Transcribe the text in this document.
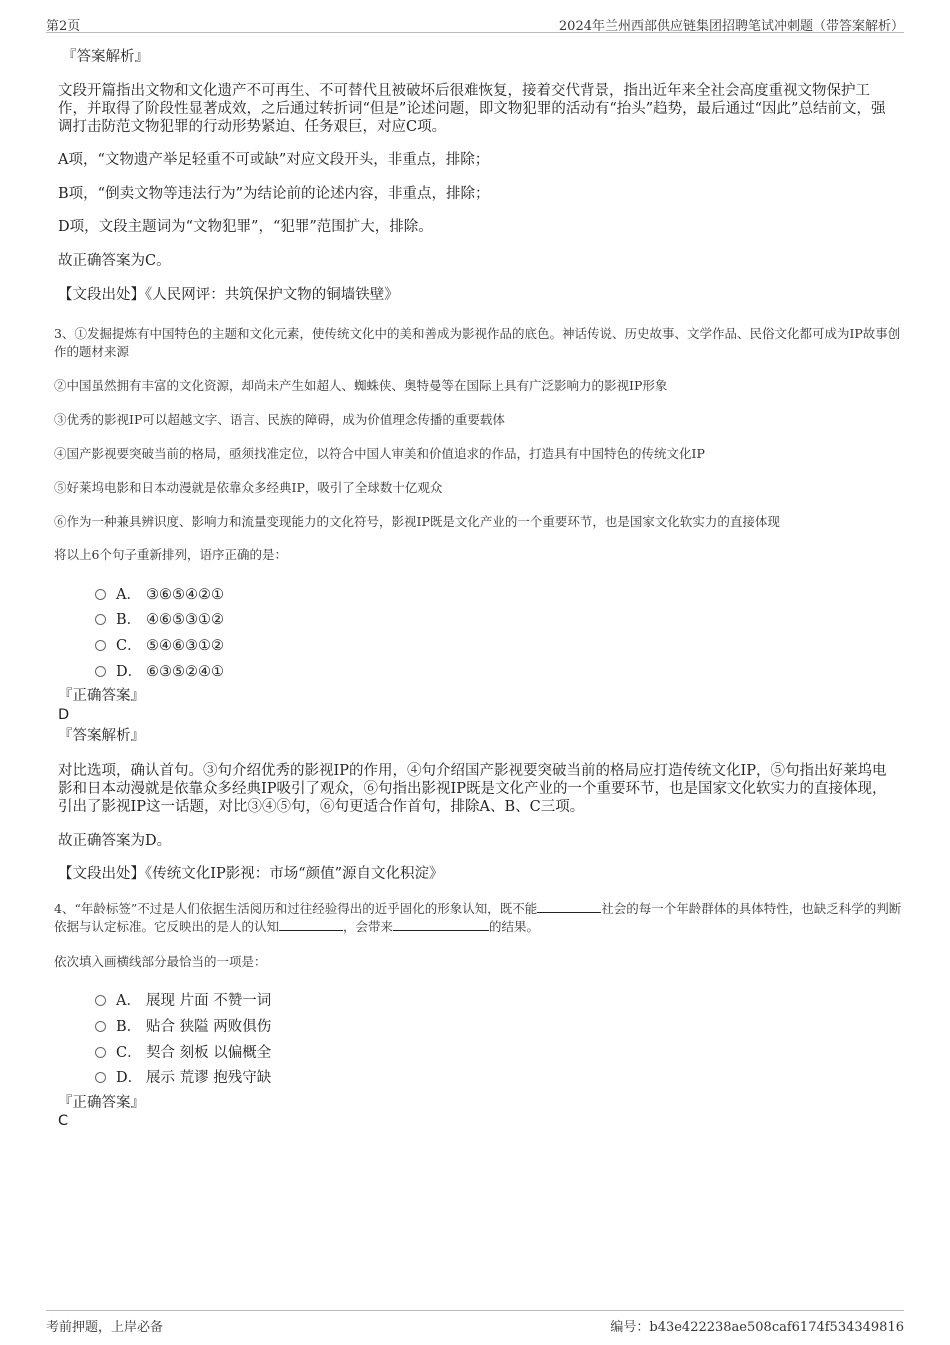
第2页	2024年兰州西部供应链集团招聘笔试冲刺题（带答案解析）
『答案解析』
文段开篇指出文物和文化遗产不可再生、不可替代且被破坏后很难恢复，接着交代背景，指出近年来全社会高度重视文物保护工作，并取得了阶段性显著成效，之后通过转折词“但是”论述问题，即文物犯罪的活动有“抬头”趋势，最后通过“因此”总结前文，强调打击防范文物犯罪的行动形势紧迫、任务艰巨，对应C项。
A项，“文物遗产举足轻重不可或缺”对应文段开头，非重点，排除；
B项，“倒卖文物等违法行为”为结论前的论述内容，非重点，排除；
D项，文段主题词为“文物犯罪”，“犯罪”范围扩大，排除。
故正确答案为C。
【文段出处】《人民网评：共筑保护文物的铜墙铁壁》
3、①发掘提炼有中国特色的主题和文化元素，使传统文化中的美和善成为影视作品的底色。神话传说、历史故事、文学作品、民俗文化都可成为IP故事创作的题材来源
②中国虽然拥有丰富的文化资源，却尚未产生如超人、蜘蛛侠、奥特曼等在国际上具有广泛影响力的影视IP形象
③优秀的影视IP可以超越文字、语言、民族的障碍，成为价值理念传播的重要载体
④国产影视要突破当前的格局，亟须找准定位，以符合中国人审美和价值追求的作品，打造具有中国特色的传统文化IP
⑤好莱坞电影和日本动漫就是依靠众多经典IP，吸引了全球数十亿观众
⑥作为一种兼具辨识度、影响力和流量变现能力的文化符号，影视IP既是文化产业的一个重要环节，也是国家文化软实力的直接体现
将以上6个句子重新排列，语序正确的是：
A． ③⑥⑤④②①
B． ④⑥⑤③①②
C． ⑤④⑥③①②
D． ⑥③⑤②④①
『正确答案』
D
『答案解析』
对比选项，确认首句。③句介绍优秀的影视IP的作用，④句介绍国产影视要突破当前的格局应打造传统文化IP，⑤句指出好莱坞电影和日本动漫就是依靠众多经典IP吸引了观众，⑥句指出影视IP既是文化产业的一个重要环节，也是国家文化软实力的直接体现，引出了影视IP这一话题，对比③④⑤句，⑥句更适合作首句，排除A、B、C三项。
故正确答案为D。
【文段出处】《传统文化IP影视：市场“颜值”源自文化积淀》
4、“年龄标签”不过是人们依据生活阅历和过往经验得出的近乎固化的形象认知，既不能	社会的每一个年龄群体的具体特性，也缺乏科学的判断依据与认定标准。它反映出的是人的认知	，会带来	的结果。
依次填入画横线部分最恰当的一项是：
A． 展现 片面 不赞一词
B． 贴合 狭隘 两败俱伤
C． 契合 刻板 以偏概全
D． 展示 荒谬 抱残守缺
『正确答案』
C
考前押题，上岸必备	编号：b43e422238ae508caf6174f534349816
